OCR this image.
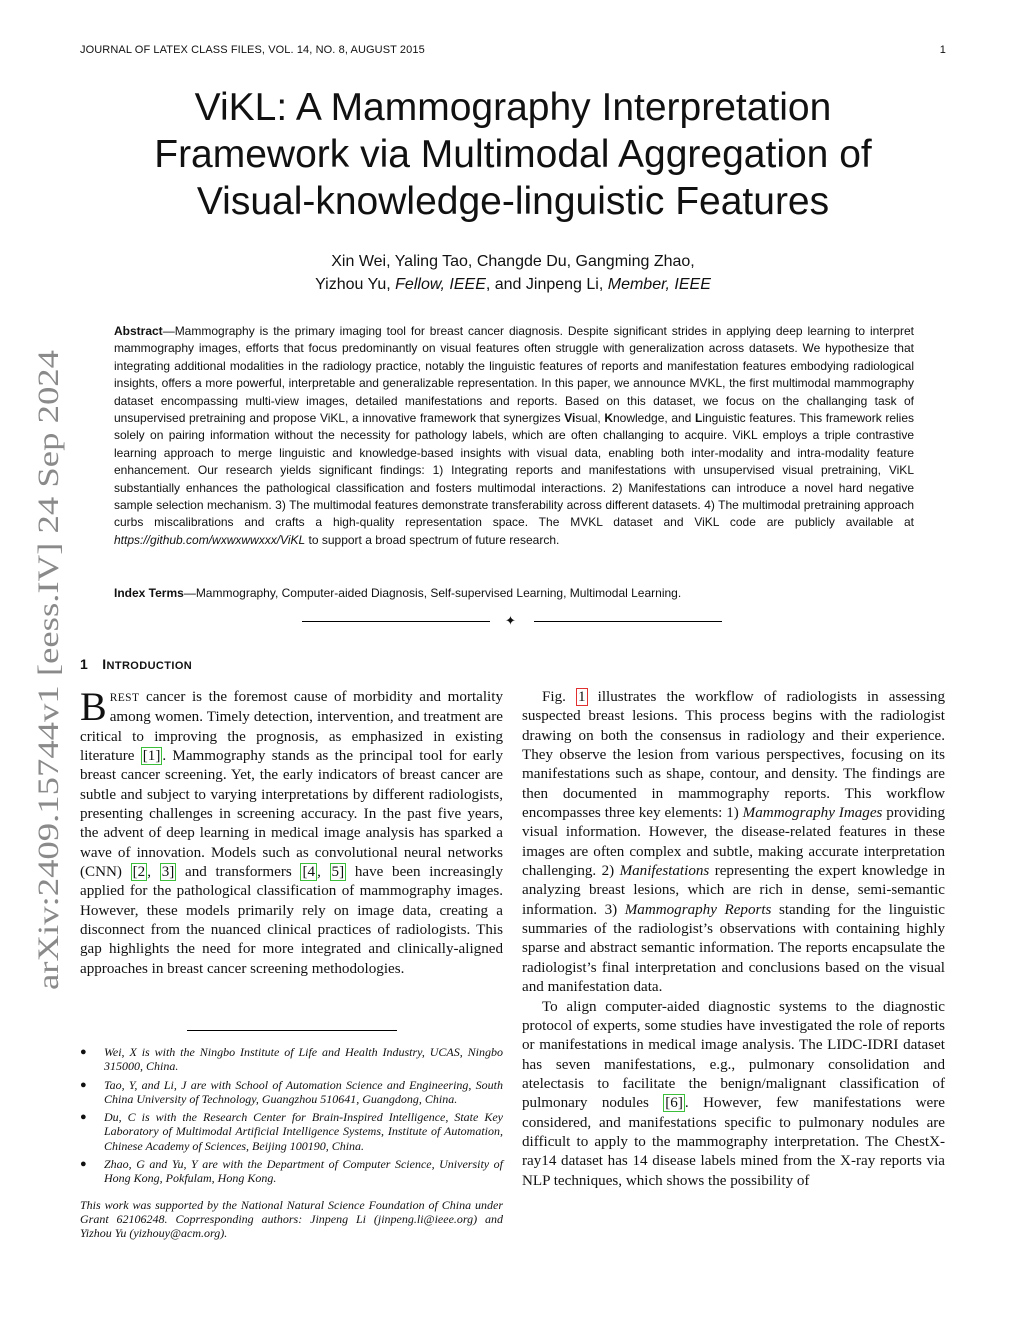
JOURNAL OF LATEX CLASS FILES, VOL. 14, NO. 8, AUGUST 2015	1
arXiv:2409.15744v1 [eess.IV] 24 Sep 2024
ViKL: A Mammography Interpretation
Framework via Multimodal Aggregation of
Visual-knowledge-linguistic Features
Xin Wei, Yaling Tao, Changde Du, Gangming Zhao,
Yizhou Yu, Fellow, IEEE, and Jinpeng Li, Member, IEEE
Abstract—Mammography is the primary imaging tool for breast cancer diagnosis. Despite significant strides in applying deep learning to interpret mammography images, efforts that focus predominantly on visual features often struggle with generalization across datasets. We hypothesize that integrating additional modalities in the radiology practice, notably the linguistic features of reports and manifestation features embodying radiological insights, offers a more powerful, interpretable and generalizable representation. In this paper, we announce MVKL, the first multimodal mammography dataset encompassing multi-view images, detailed manifestations and reports. Based on this dataset, we focus on the challanging task of unsupervised pretraining and propose ViKL, a innovative framework that synergizes Visual, Knowledge, and Linguistic features. This framework relies solely on pairing information without the necessity for pathology labels, which are often challanging to acquire. ViKL employs a triple contrastive learning approach to merge linguistic and knowledge-based insights with visual data, enabling both inter-modality and intra-modality feature enhancement. Our research yields significant findings: 1) Integrating reports and manifestations with unsupervised visual pretraining, ViKL substantially enhances the pathological classification and fosters multimodal interactions. 2) Manifestations can introduce a novel hard negative sample selection mechanism. 3) The multimodal features demonstrate transferability across different datasets. 4) The multimodal pretraining approach curbs miscalibrations and crafts a high-quality representation space. The MVKL dataset and ViKL code are publicly available at https://github.com/wxwxwwxxx/ViKL to support a broad spectrum of future research.
Index Terms—Mammography, Computer-aided Diagnosis, Self-supervised Learning, Multimodal Learning.
✦
1 INTRODUCTION

BREST cancer is the foremost cause of morbidity and mortality among women. Timely detection, intervention, and treatment are critical to improving the prognosis, as emphasized in existing literature [1] . Mammography stands as the principal tool for early breast cancer screening. Yet, the early indicators of breast cancer are subtle and subject to varying interpretations by different radiologists, presenting challenges in screening accuracy. In the past five years, the advent of deep learning in medical image analysis has sparked a wave of innovation. Models such as convolutional neural networks (CNN) [2 , 3] and transformers [4 , 5] have been increasingly applied for the pathological classification of mammography images. However, these models primarily rely on image data, creating a disconnect from the nuanced clinical practices of radiologists. This gap highlights the need for more integrated and clinically-aligned approaches in breast cancer screening methodologies.

● Wei, X is with the Ningbo Institute of Life and Health Industry, UCAS, Ningbo 315000, China.
● Tao, Y, and Li, J are with School of Automation Science and Engineering, South China University of Technology, Guangzhou 510641, Guangdong, China.
● Du, C is with the Research Center for Brain-Inspired Intelligence, State Key Laboratory of Multimodal Artificial Intelligence Systems, Institute of Automation, Chinese Academy of Sciences, Beijing 100190, China.
● Zhao, G and Yu, Y are with the Department of Computer Science, University of Hong Kong, Pokfulam, Hong Kong.
This work was supported by the National Natural Science Foundation of China under Grant 62106248. Coprresponding authors: Jinpeng Li (jinpeng.li@ieee.org) and Yizhou Yu (yizhouy@acm.org).

Fig. 1 illustrates the workflow of radiologists in assessing suspected breast lesions. This process begins with the radiologist drawing on both the consensus in radiology and their experience. They observe the lesion from various perspectives, focusing on its manifestations such as shape, contour, and density. The findings are then documented in mammography reports. This workflow encompasses three key elements: 1) Mammography Images providing visual information. However, the disease-related features in these images are often complex and subtle, making accurate interpretation challenging. 2) Manifestations representing the expert knowledge in analyzing breast lesions, which are rich in dense, semi-semantic information. 3) Mammography Reports standing for the linguistic summaries of the radiologist’s observations with containing highly sparse and abstract semantic information. The reports encapsulate the radiologist’s final interpretation and conclusions based on the visual and manifestation data.

To align computer-aided diagnostic systems to the diagnostic protocol of experts, some studies have investigated the role of reports or manifestations in medical image analysis. The LIDC-IDRI dataset has seven manifestations, e.g., pulmonary consolidation and atelectasis to facilitate the benign/malignant classification of pulmonary nodules [6] . However, few manifestations were considered, and manifestations specific to pulmonary nodules are difficult to apply to the mammography interpretation. The ChestX-ray14 dataset has 14 disease labels mined from the X-ray reports via NLP techniques, which shows the possibility of
